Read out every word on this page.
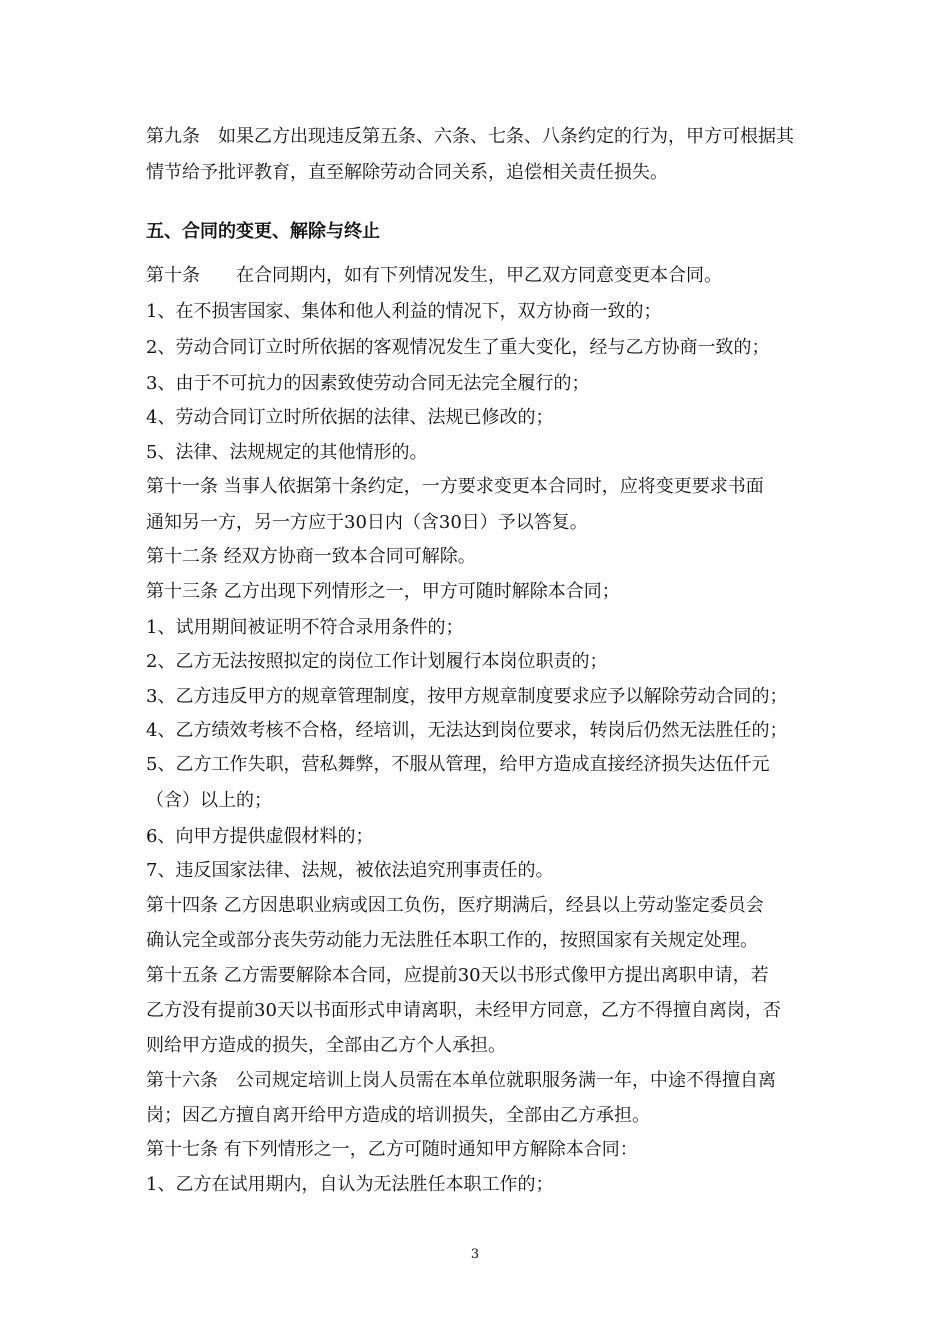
第九条　如果乙方出现违反第五条、六条、七条、八条约定的行为，甲方可根据其
情节给予批评教育，直至解除劳动合同关系，追偿相关责任损失。
五、合同的变更、解除与终止
第十条　　在合同期内，如有下列情况发生，甲乙双方同意变更本合同。
1、在不损害国家、集体和他人利益的情况下，双方协商一致的；
2、劳动合同订立时所依据的客观情况发生了重大变化，经与乙方协商一致的；
3、由于不可抗力的因素致使劳动合同无法完全履行的；
4、劳动合同订立时所依据的法律、法规已修改的；
5、法律、法规规定的其他情形的。
第十一条 当事人依据第十条约定，一方要求变更本合同时，应将变更要求书面
通知另一方，另一方应于30日内（含30日）予以答复。
第十二条 经双方协商一致本合同可解除。
第十三条 乙方出现下列情形之一，甲方可随时解除本合同；
1、试用期间被证明不符合录用条件的；
2、乙方无法按照拟定的岗位工作计划履行本岗位职责的；
3、乙方违反甲方的规章管理制度，按甲方规章制度要求应予以解除劳动合同的；
4、乙方绩效考核不合格，经培训，无法达到岗位要求，转岗后仍然无法胜任的；
5、乙方工作失职，营私舞弊，不服从管理，给甲方造成直接经济损失达伍仟元
（含）以上的；
6、向甲方提供虚假材料的；
7、违反国家法律、法规，被依法追究刑事责任的。
第十四条 乙方因患职业病或因工负伤，医疗期满后，经县以上劳动鉴定委员会
确认完全或部分丧失劳动能力无法胜任本职工作的，按照国家有关规定处理。
第十五条 乙方需要解除本合同，应提前30天以书形式像甲方提出离职申请，若
乙方没有提前30天以书面形式申请离职，未经甲方同意，乙方不得擅自离岗，否
则给甲方造成的损失，全部由乙方个人承担。
第十六条　公司规定培训上岗人员需在本单位就职服务满一年，中途不得擅自离
岗；因乙方擅自离开给甲方造成的培训损失，全部由乙方承担。
第十七条 有下列情形之一，乙方可随时通知甲方解除本合同：
1、乙方在试用期内，自认为无法胜任本职工作的；
3
